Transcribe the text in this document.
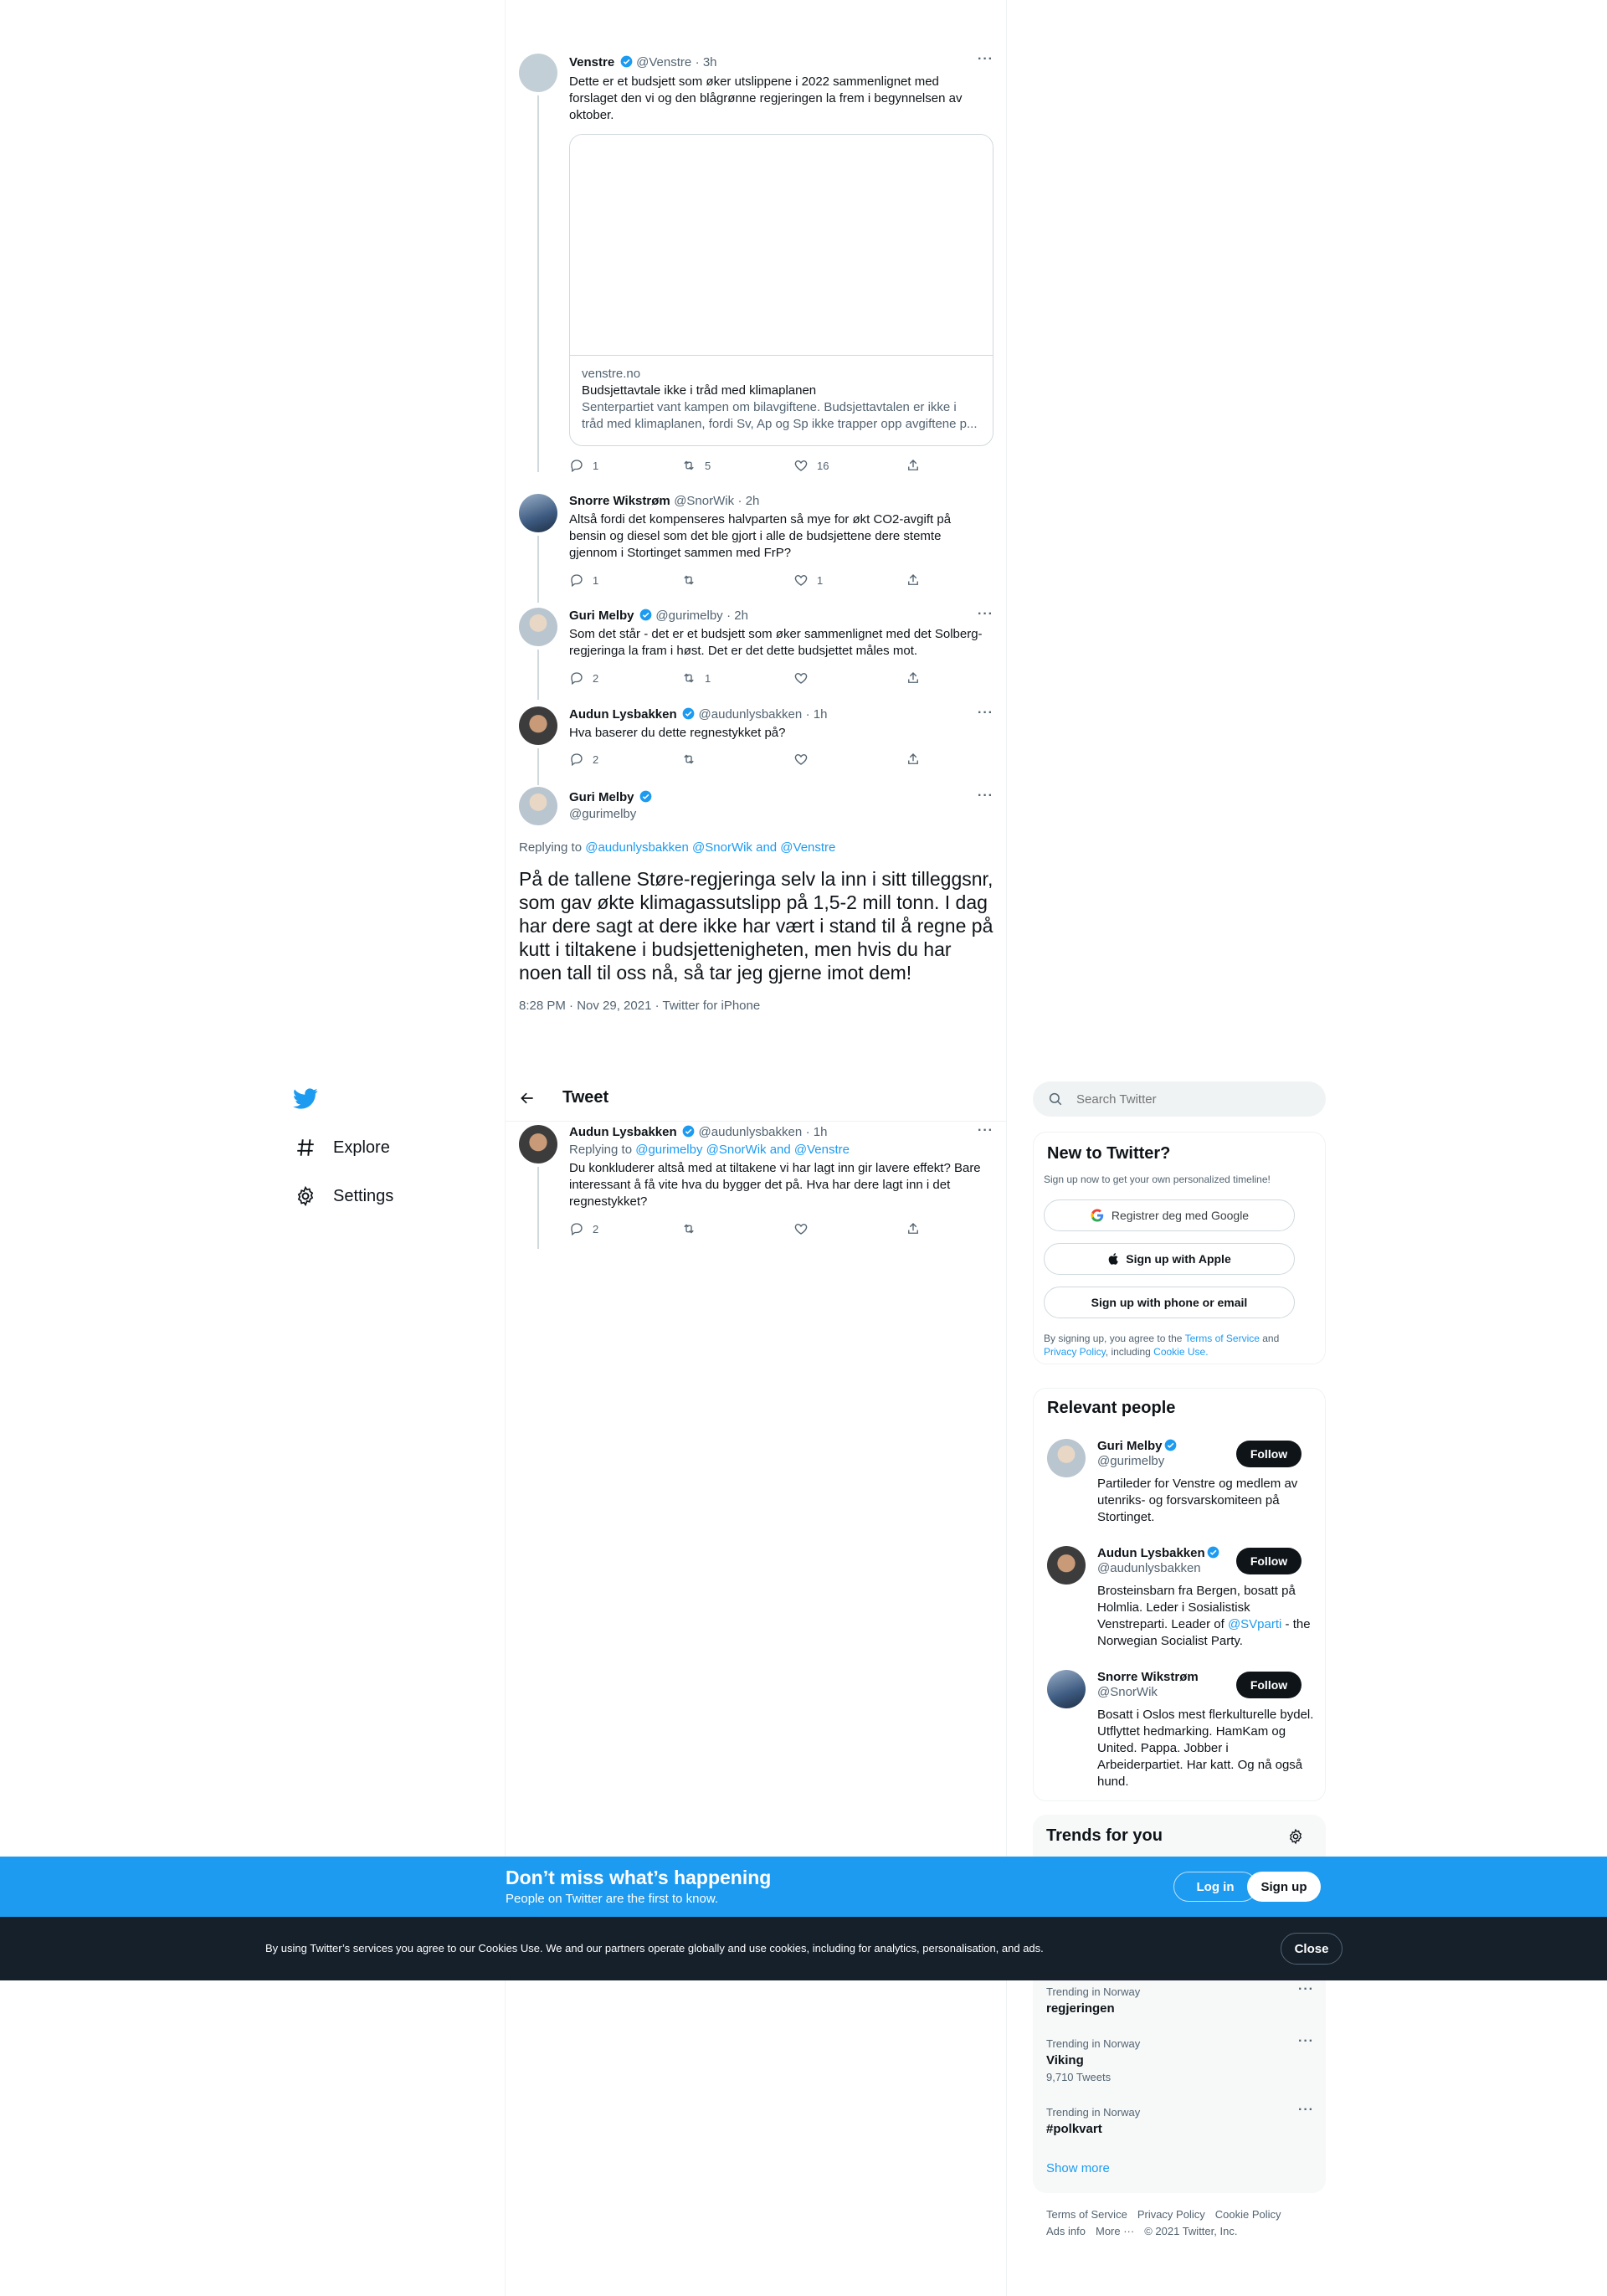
Venstre @Venstre · 3h	···
Dette er et budsjett som øker utslippene i 2022 sammenlignet med forslaget den vi og den blågrønne regjeringen la frem i begynnelsen av oktober.
venstre.no
Budsjettavtale ikke i tråd med klimaplanen
Senterpartiet vant kampen om bilavgiftene. Budsjettavtalen er ikke i tråd med klimaplanen, fordi Sv, Ap og Sp ikke trapper opp avgiftene p...
1	5	16
Snorre Wikstrøm @SnorWik · 2h
Altså fordi det kompenseres halvparten så mye for økt CO2-avgift på bensin og diesel som det ble gjort i alle de budsjettene dere stemte gjennom i Stortinget sammen med FrP?
1	1
Guri Melby @gurimelby · 2h	···
Som det står - det er et budsjett som øker sammenlignet med det Solberg-regjeringa la fram i høst. Det er det dette budsjettet måles mot.
2	1
Audun Lysbakken @audunlysbakken · 1h	···
Hva baserer du dette regnestykket på?
2
Guri Melby
@gurimelby
···
Replying to @audunlysbakken @SnorWik and @Venstre
På de tallene Støre-regjeringa selv la inn i sitt tilleggsnr, som gav økte klimagassutslipp på 1,5-2 mill tonn. I dag har dere sagt at dere ikke har vært i stand til å regne på kutt i tiltakene i budsjettenigheten, men hvis du har noen tall til oss nå, så tar jeg gjerne imot dem!
8:28 PM · Nov 29, 2021 · Twitter for iPhone
Explore
Settings
Tweet
Audun Lysbakken @audunlysbakken · 1h	···
Replying to @gurimelby @SnorWik and @Venstre
Du konkluderer altså med at tiltakene vi har lagt inn gir lavere effekt? Bare interessant å få vite hva du bygger det på. Hva har dere lagt inn i det regnestykket?
2
Search Twitter
New to Twitter?
Sign up now to get your own personalized timeline!
Registrer deg med Google
Sign up with Apple
Sign up with phone or email
By signing up, you agree to the Terms of Service and Privacy Policy, including Cookie Use.
Relevant people
Guri Melby
@gurimelby	Follow
Partileder for Venstre og medlem av utenriks- og forsvarskomiteen på Stortinget.
Audun Lysbakken
@audunlysbakken	Follow
Brosteinsbarn fra Bergen, bosatt på Holmlia. Leder i Sosialistisk Venstreparti. Leader of @SVparti - the Norwegian Socialist Party.
Snorre Wikstrøm
@SnorWik	Follow
Bosatt i Oslos mest flerkulturelle bydel. Utflyttet hedmarking. HamKam og United. Pappa. Jobber i Arbeiderpartiet. Har katt. Og nå også hund.
Trends for you
Trending in Norway
regjeringen
···
Trending in Norway
Viking
9,710 Tweets
···
Trending in Norway
#polkvart
···
Show more
Terms of Service Privacy Policy Cookie Policy
Ads info More ··· © 2021 Twitter, Inc.
Don’t miss what’s happening
People on Twitter are the first to know.
Log in	Sign up
By using Twitter’s services you agree to our Cookies Use. We and our partners operate globally and use cookies, including for analytics, personalisation, and ads.	Close
